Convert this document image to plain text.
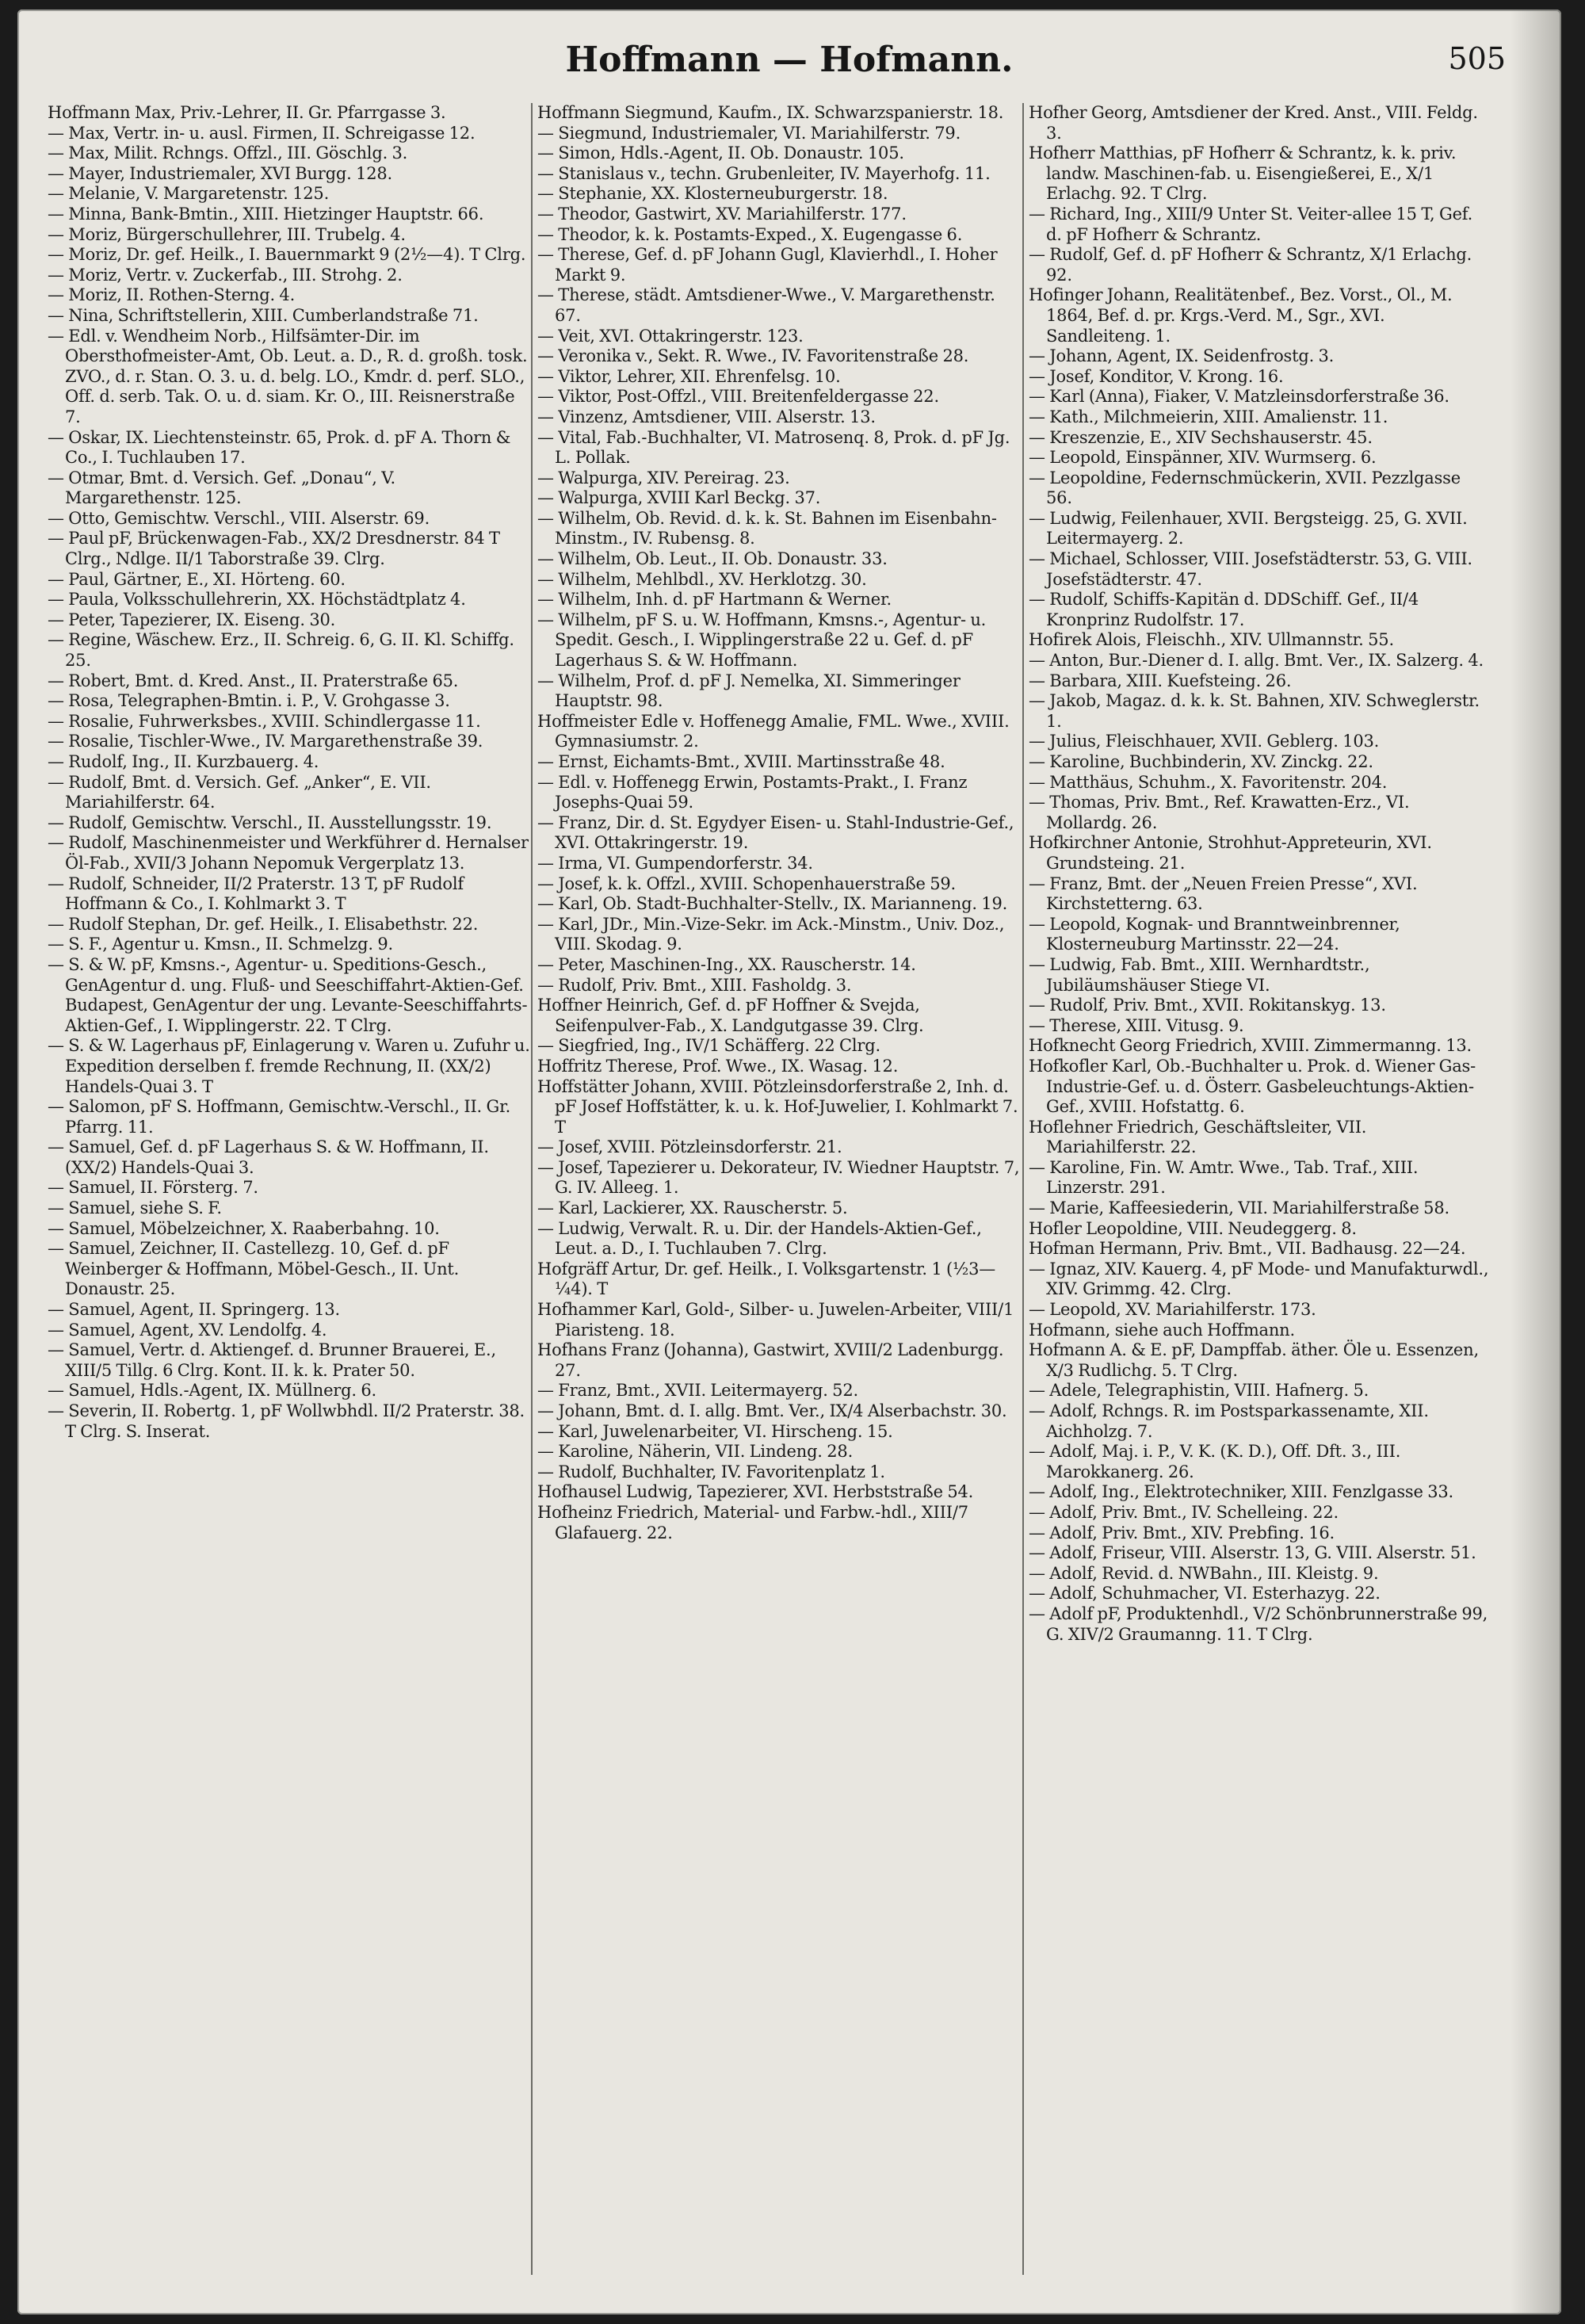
Hoffmann — Hofmann.	505

Hoffmann Max, Priv.-Lehrer, II. Gr. Pfarrgasse 3.

— Max, Vertr. in- u. ausl. Firmen, II. Schreigasse 12.

— Max, Milit. Rchngs. Offzl., III. Göschlg. 3.

— Mayer, Industriemaler, XVI Burgg. 128.

— Melanie, V. Margaretenstr. 125.

— Minna, Bank-Bmtin., XIII. Hietzinger Hauptstr. 66.

— Moriz, Bürgerschullehrer, III. Trubelg. 4.

— Moriz, Dr. gef. Heilk., I. Bauernmarkt 9 (2½—4). T Clrg.

— Moriz, Vertr. v. Zuckerfab., III. Strohg. 2.

— Moriz, II. Rothen-Sterng. 4.

— Nina, Schriftstellerin, XIII. Cumberlandstraße 71.

— Edl. v. Wendheim Norb., Hilfsämter-Dir. im Obersthofmeister-Amt, Ob. Leut. a. D., R. d. großh. tosk. ZVO., d. r. Stan. O. 3. u. d. belg. LO., Kmdr. d. perf. SLO., Off. d. serb. Tak. O. u. d. siam. Kr. O., III. Reisnerstraße 7.

— Oskar, IX. Liechtensteinstr. 65, Prok. d. pF A. Thorn & Co., I. Tuchlauben 17.

— Otmar, Bmt. d. Versich. Gef. „Donau“, V. Margarethenstr. 125.

— Otto, Gemischtw. Verschl., VIII. Alserstr. 69.

— Paul pF, Brückenwagen-Fab., XX/2 Dresdnerstr. 84 T Clrg., Ndlge. II/1 Taborstraße 39. Clrg.

— Paul, Gärtner, E., XI. Hörteng. 60.

— Paula, Volksschullehrerin, XX. Höchstädtplatz 4.

— Peter, Tapezierer, IX. Eiseng. 30.

— Regine, Wäschew. Erz., II. Schreig. 6, G. II. Kl. Schiffg. 25.

— Robert, Bmt. d. Kred. Anst., II. Praterstraße 65.

— Rosa, Telegraphen-Bmtin. i. P., V. Grohgasse 3.

— Rosalie, Fuhrwerksbes., XVIII. Schindlergasse 11.

— Rosalie, Tischler-Wwe., IV. Margarethenstraße 39.

— Rudolf, Ing., II. Kurzbauerg. 4.

— Rudolf, Bmt. d. Versich. Gef. „Anker“, E. VII. Mariahilferstr. 64.

— Rudolf, Gemischtw. Verschl., II. Ausstellungsstr. 19.

— Rudolf, Maschinenmeister und Werkführer d. Hernalser Öl-Fab., XVII/3 Johann Nepomuk Vergerplatz 13.

— Rudolf, Schneider, II/2 Praterstr. 13 T, pF Rudolf Hoffmann & Co., I. Kohlmarkt 3. T

— Rudolf Stephan, Dr. gef. Heilk., I. Elisabethstr. 22.

— S. F., Agentur u. Kmsn., II. Schmelzg. 9.

— S. & W. pF, Kmsns.-, Agentur- u. Speditions-Gesch., GenAgentur d. ung. Fluß- und Seeschiffahrt-Aktien-Gef. Budapest, GenAgentur der ung. Levante-Seeschiffahrts-Aktien-Gef., I. Wipplingerstr. 22. T Clrg.

— S. & W. Lagerhaus pF, Einlagerung v. Waren u. Zufuhr u. Expedition derselben f. fremde Rechnung, II. (XX/2) Handels-Quai 3. T

— Salomon, pF S. Hoffmann, Gemischtw.-Verschl., II. Gr. Pfarrg. 11.

— Samuel, Gef. d. pF Lagerhaus S. & W. Hoffmann, II. (XX/2) Handels-Quai 3.

— Samuel, II. Försterg. 7.

— Samuel, siehe S. F.

— Samuel, Möbelzeichner, X. Raaberbahng. 10.

— Samuel, Zeichner, II. Castellezg. 10, Gef. d. pF Weinberger & Hoffmann, Möbel-Gesch., II. Unt. Donaustr. 25.

— Samuel, Agent, II. Springerg. 13.

— Samuel, Agent, XV. Lendolfg. 4.

— Samuel, Vertr. d. Aktiengef. d. Brunner Brauerei, E., XIII/5 Tillg. 6 Clrg. Kont. II. k. k. Prater 50.

— Samuel, Hdls.-Agent, IX. Müllnerg. 6.

— Severin, II. Robertg. 1, pF Wollwbhdl. II/2 Praterstr. 38. T Clrg. S. Inserat.

Hoffmann Siegmund, Kaufm., IX. Schwarzspanierstr. 18.

— Siegmund, Industriemaler, VI. Mariahilferstr. 79.

— Simon, Hdls.-Agent, II. Ob. Donaustr. 105.

— Stanislaus v., techn. Grubenleiter, IV. Mayerhofg. 11.

— Stephanie, XX. Klosterneuburgerstr. 18.

— Theodor, Gastwirt, XV. Mariahilferstr. 177.

— Theodor, k. k. Postamts-Exped., X. Eugengasse 6.

— Therese, Gef. d. pF Johann Gugl, Klavierhdl., I. Hoher Markt 9.

— Therese, städt. Amtsdiener-Wwe., V. Margarethenstr. 67.

— Veit, XVI. Ottakringerstr. 123.

— Veronika v., Sekt. R. Wwe., IV. Favoritenstraße 28.

— Viktor, Lehrer, XII. Ehrenfelsg. 10.

— Viktor, Post-Offzl., VIII. Breitenfeldergasse 22.

— Vinzenz, Amtsdiener, VIII. Alserstr. 13.

— Vital, Fab.-Buchhalter, VI. Matrosenq. 8, Prok. d. pF Jg. L. Pollak.

— Walpurga, XIV. Pereirag. 23.

— Walpurga, XVIII Karl Beckg. 37.

— Wilhelm, Ob. Revid. d. k. k. St. Bahnen im Eisenbahn-Minstm., IV. Rubensg. 8.

— Wilhelm, Ob. Leut., II. Ob. Donaustr. 33.

— Wilhelm, Mehlbdl., XV. Herklotzg. 30.

— Wilhelm, Inh. d. pF Hartmann & Werner.

— Wilhelm, pF S. u. W. Hoffmann, Kmsns.-, Agentur- u. Spedit. Gesch., I. Wipplingerstraße 22 u. Gef. d. pF Lagerhaus S. & W. Hoffmann.

— Wilhelm, Prof. d. pF J. Nemelka, XI. Simmeringer Hauptstr. 98.

Hoffmeister Edle v. Hoffenegg Amalie, FML. Wwe., XVIII. Gymnasiumstr. 2.

— Ernst, Eichamts-Bmt., XVIII. Martinsstraße 48.

— Edl. v. Hoffenegg Erwin, Postamts-Prakt., I. Franz Josephs-Quai 59.

— Franz, Dir. d. St. Egydyer Eisen- u. Stahl-Industrie-Gef., XVI. Ottakringerstr. 19.

— Irma, VI. Gumpendorferstr. 34.

— Josef, k. k. Offzl., XVIII. Schopenhauerstraße 59.

— Karl, Ob. Stadt-Buchhalter-Stellv., IX. Marianneng. 19.

— Karl, JDr., Min.-Vize-Sekr. im Ack.-Minstm., Univ. Doz., VIII. Skodag. 9.

— Peter, Maschinen-Ing., XX. Rauscherstr. 14.

— Rudolf, Priv. Bmt., XIII. Fasholdg. 3.

Hoffner Heinrich, Gef. d. pF Hoffner & Svejda, Seifenpulver-Fab., X. Landgutgasse 39. Clrg.

— Siegfried, Ing., IV/1 Schäfferg. 22 Clrg.

Hoffritz Therese, Prof. Wwe., IX. Wasag. 12.

Hoffstätter Johann, XVIII. Pötzleinsdorferstraße 2, Inh. d. pF Josef Hoffstätter, k. u. k. Hof-Juwelier, I. Kohlmarkt 7. T

— Josef, XVIII. Pötzleinsdorferstr. 21.

— Josef, Tapezierer u. Dekorateur, IV. Wiedner Hauptstr. 7, G. IV. Alleeg. 1.

— Karl, Lackierer, XX. Rauscherstr. 5.

— Ludwig, Verwalt. R. u. Dir. der Handels-Aktien-Gef., Leut. a. D., I. Tuchlauben 7. Clrg.

Hofgräff Artur, Dr. gef. Heilk., I. Volksgartenstr. 1 (½3—¼4). T

Hofhammer Karl, Gold-, Silber- u. Juwelen-Arbeiter, VIII/1 Piaristeng. 18.

Hofhans Franz (Johanna), Gastwirt, XVIII/2 Ladenburgg. 27.

— Franz, Bmt., XVII. Leitermayerg. 52.

— Johann, Bmt. d. I. allg. Bmt. Ver., IX/4 Alserbachstr. 30.

— Karl, Juwelenarbeiter, VI. Hirscheng. 15.

— Karoline, Näherin, VII. Lindeng. 28.

— Rudolf, Buchhalter, IV. Favoritenplatz 1.

Hofhausel Ludwig, Tapezierer, XVI. Herbststraße 54.

Hofheinz Friedrich, Material- und Farbw.-hdl., XIII/7 Glafauerg. 22.

Hofher Georg, Amtsdiener der Kred. Anst., VIII. Feldg. 3.

Hofherr Matthias, pF Hofherr & Schrantz, k. k. priv. landw. Maschinen-fab. u. Eisengießerei, E., X/1 Erlachg. 92. T Clrg.

— Richard, Ing., XIII/9 Unter St. Veiter-allee 15 T, Gef. d. pF Hofherr & Schrantz.

— Rudolf, Gef. d. pF Hofherr & Schrantz, X/1 Erlachg. 92.

Hofinger Johann, Realitätenbef., Bez. Vorst., Ol., M. 1864, Bef. d. pr. Krgs.-Verd. M., Sgr., XVI. Sandleiteng. 1.

— Johann, Agent, IX. Seidenfrostg. 3.

— Josef, Konditor, V. Krong. 16.

— Karl (Anna), Fiaker, V. Matzleinsdorferstraße 36.

— Kath., Milchmeierin, XIII. Amalienstr. 11.

— Kreszenzie, E., XIV Sechshauserstr. 45.

— Leopold, Einspänner, XIV. Wurmserg. 6.

— Leopoldine, Federnschmückerin, XVII. Pezzlgasse 56.

— Ludwig, Feilenhauer, XVII. Bergsteigg. 25, G. XVII. Leitermayerg. 2.

— Michael, Schlosser, VIII. Josefstädterstr. 53, G. VIII. Josefstädterstr. 47.

— Rudolf, Schiffs-Kapitän d. DDSchiff. Gef., II/4 Kronprinz Rudolfstr. 17.

Hofirek Alois, Fleischh., XIV. Ullmannstr. 55.

— Anton, Bur.-Diener d. I. allg. Bmt. Ver., IX. Salzerg. 4.

— Barbara, XIII. Kuefsteing. 26.

— Jakob, Magaz. d. k. k. St. Bahnen, XIV. Schweglerstr. 1.

— Julius, Fleischhauer, XVII. Geblerg. 103.

— Karoline, Buchbinderin, XV. Zinckg. 22.

— Matthäus, Schuhm., X. Favoritenstr. 204.

— Thomas, Priv. Bmt., Ref. Krawatten-Erz., VI. Mollardg. 26.

Hofkirchner Antonie, Strohhut-Appreteurin, XVI. Grundsteing. 21.

— Franz, Bmt. der „Neuen Freien Presse“, XVI. Kirchstetterng. 63.

— Leopold, Kognak- und Branntweinbrenner, Klosterneuburg Martinsstr. 22—24.

— Ludwig, Fab. Bmt., XIII. Wernhardtstr., Jubiläumshäuser Stiege VI.

— Rudolf, Priv. Bmt., XVII. Rokitanskyg. 13.

— Therese, XIII. Vitusg. 9.

Hofknecht Georg Friedrich, XVIII. Zimmermanng. 13.

Hofkofler Karl, Ob.-Buchhalter u. Prok. d. Wiener Gas-Industrie-Gef. u. d. Österr. Gasbeleuchtungs-Aktien-Gef., XVIII. Hofstattg. 6.

Hoflehner Friedrich, Geschäftsleiter, VII. Mariahilferstr. 22.

— Karoline, Fin. W. Amtr. Wwe., Tab. Traf., XIII. Linzerstr. 291.

— Marie, Kaffeesiederin, VII. Mariahilferstraße 58.

Hofler Leopoldine, VIII. Neudeggerg. 8.

Hofman Hermann, Priv. Bmt., VII. Badhausg. 22—24.

— Ignaz, XIV. Kauerg. 4, pF Mode- und Manufakturwdl., XIV. Grimmg. 42. Clrg.

— Leopold, XV. Mariahilferstr. 173.

Hofmann, siehe auch Hoffmann.

Hofmann A. & E. pF, Dampffab. äther. Öle u. Essenzen, X/3 Rudlichg. 5. T Clrg.

— Adele, Telegraphistin, VIII. Hafnerg. 5.

— Adolf, Rchngs. R. im Postsparkassenamte, XII. Aichholzg. 7.

— Adolf, Maj. i. P., V. K. (K. D.), Off. Dft. 3., III. Marokkanerg. 26.

— Adolf, Ing., Elektrotechniker, XIII. Fenzlgasse 33.

— Adolf, Priv. Bmt., IV. Schelleing. 22.

— Adolf, Priv. Bmt., XIV. Prebfing. 16.

— Adolf, Friseur, VIII. Alserstr. 13, G. VIII. Alserstr. 51.

— Adolf, Revid. d. NWBahn., III. Kleistg. 9.

— Adolf, Schuhmacher, VI. Esterhazyg. 22.

— Adolf pF, Produktenhdl., V/2 Schönbrunnerstraße 99, G. XIV/2 Graumanng. 11. T Clrg.
